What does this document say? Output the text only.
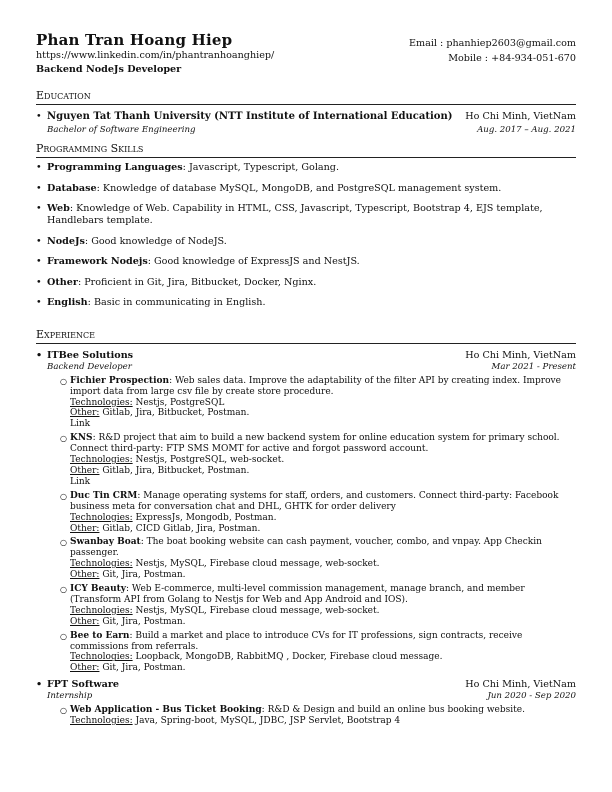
Phan Tran Hoang Hiep
https://www.linkedin.com/in/phantranhoanghiep/
Backend NodeJs Developer
Email : phanhiep2603@gmail.com
Mobile : +84-934-051-670
Education
• Nguyen Tat Thanh University (NTT Institute of International Education) Ho Chi Minh, VietNam
Bachelor of Software Engineering	Aug. 2017 – Aug. 2021
Programming Skills
• Programming Languages: Javascript, Typescript, Golang.
• Database: Knowledge of database MySQL, MongoDB, and PostgreSQL management system.
• Web: Knowledge of Web. Capability in HTML, CSS, Javascript, Typescript, Bootstrap 4, EJS template, Handlebars template.
• NodeJs: Good knowledge of NodeJS.
• Framework Nodejs: Good knowledge of ExpressJS and NestJS.
• Other: Proficient in Git, Jira, Bitbucket, Docker, Nginx.
• English: Basic in communicating in English.
Experience
• ITBee Solutions	Ho Chi Minh, VietNam
Backend Developer	Mar 2021 - Present
○ Fichier Prospection: Web sales data. Improve the adaptability of the filter API by creating index. Improve import data from large csv file by create store procedure.
Technologies: Nestjs, PostgreSQL
Other: Gitlab, Jira, Bitbucket, Postman.
Link
○ KNS: R&D project that aim to build a new backend system for online education system for primary school. Connect third-party: FTP SMS MOMT for active and forgot password account.
Technologies: Nestjs, PostgreSQL, web-socket.
Other: Gitlab, Jira, Bitbucket, Postman.
Link
○ Duc Tin CRM: Manage operating systems for staff, orders, and customers. Connect third-party: Facebook business meta for conversation chat and DHL, GHTK for order delivery
Technologies: ExpressJs, Mongodb, Postman.
Other: Gitlab, CICD Gitlab, Jira, Postman.
○ Swanbay Boat: The boat booking website can cash payment, voucher, combo, and vnpay. App Checkin passenger.
Technologies: Nestjs, MySQL, Firebase cloud message, web-socket.
Other: Git, Jira, Postman.
○ ICY Beauty: Web E-commerce, multi-level commission management, manage branch, and member (Transform API from Golang to Nestjs for Web and App Android and IOS).
Technologies: Nestjs, MySQL, Firebase cloud message, web-socket.
Other: Git, Jira, Postman.
○ Bee to Earn: Build a market and place to introduce CVs for IT professions, sign contracts, receive commissions from referrals.
Technologies: Loopback, MongoDB, RabbitMQ , Docker, Firebase cloud message.
Other: Git, Jira, Postman.
• FPT Software	Ho Chi Minh, VietNam
Internship	Jun 2020 - Sep 2020
○ Web Application - Bus Ticket Booking: R&D & Design and build an online bus booking website.
Technologies: Java, Spring-boot, MySQL, JDBC, JSP Servlet, Bootstrap 4
